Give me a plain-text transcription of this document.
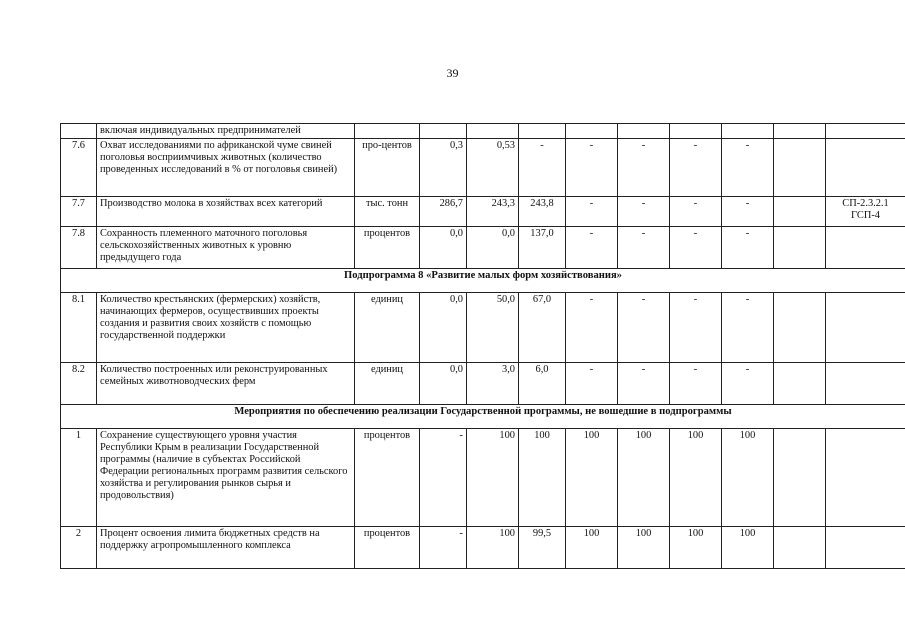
39
	включая индивидуальных предпринимателей										
7.6	Охват исследованиями по африканской чуме свиней поголовья восприимчивых животных (количество проведенных исследований в % от поголовья свиней)	про-центов	0,3	0,53	-	-	-	-	-		
7.7	Производство молока в хозяйствах всех категорий	тыс. тонн	286,7	243,3	243,8	-	-	-	-		СП-2.3.2.1 ГСП-4
7.8	Сохранность племенного маточного поголовья сельскохозяйственных животных к уровню предыдущего года	процентов	0,0	0,0	137,0	-	-	-	-		
Подпрограмма 8 «Развитие малых форм хозяйствования»											
8.1	Количество крестьянских (фермерских) хозяйств, начинающих фермеров, осуществивших проекты создания и развития своих хозяйств с помощью государственной поддержки	единиц	0,0	50,0	67,0	-	-	-	-		
8.2	Количество построенных или реконструированных семейных животноводческих ферм	единиц	0,0	3,0	6,0	-	-	-	-		
Мероприятия по обеспечению реализации Государственной программы, не вошедшие в подпрограммы											
1	Сохранение существующего уровня участия Республики Крым в реализации Государственной программы (наличие в субъектах Российской Федерации региональных программ развития сельского хозяйства и регулирования рынков сырья и продовольствия)	процентов	-	100	100	100	100	100	100		
2	Процент освоения лимита бюджетных средств на поддержку агропромышленного комплекса	процентов	-	100	99,5	100	100	100	100		
